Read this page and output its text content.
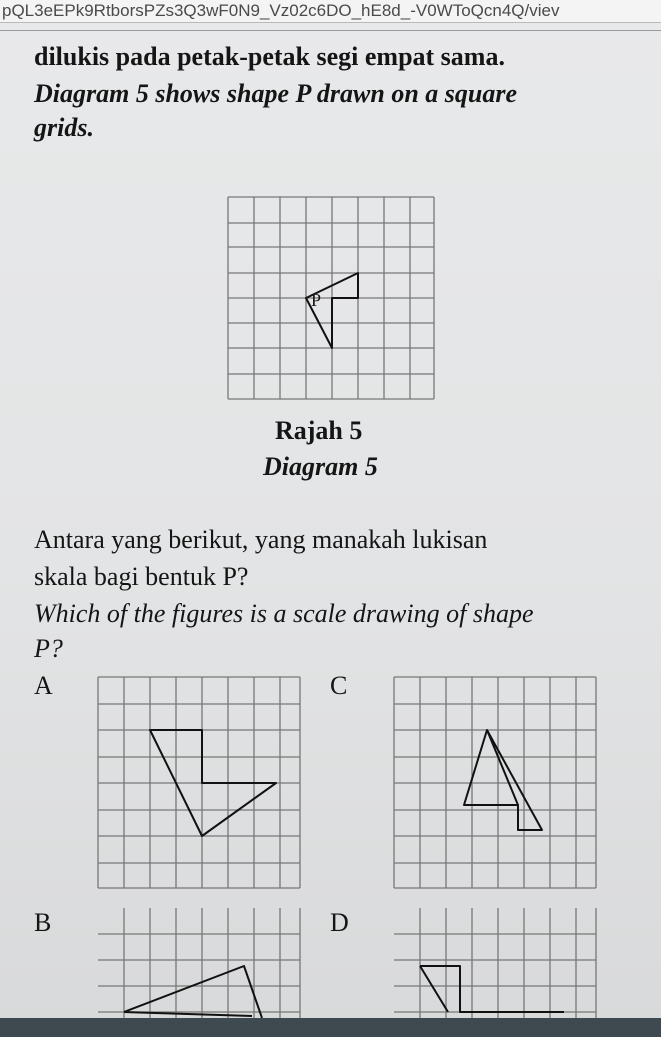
pQL3eEPk9RtborsPZs3Q3wF0N9_Vz02c6DO_hE8d_-V0WToQcn4Q/viev
dilukis pada petak-petak segi empat sama.
Diagram 5 shows shape P drawn on a square
grids.
P
Rajah 5
Diagram 5
Antara yang berikut, yang manakah lukisan
skala bagi bentuk P?
Which of the figures is a scale drawing of shape
P?
A	C
B	D
